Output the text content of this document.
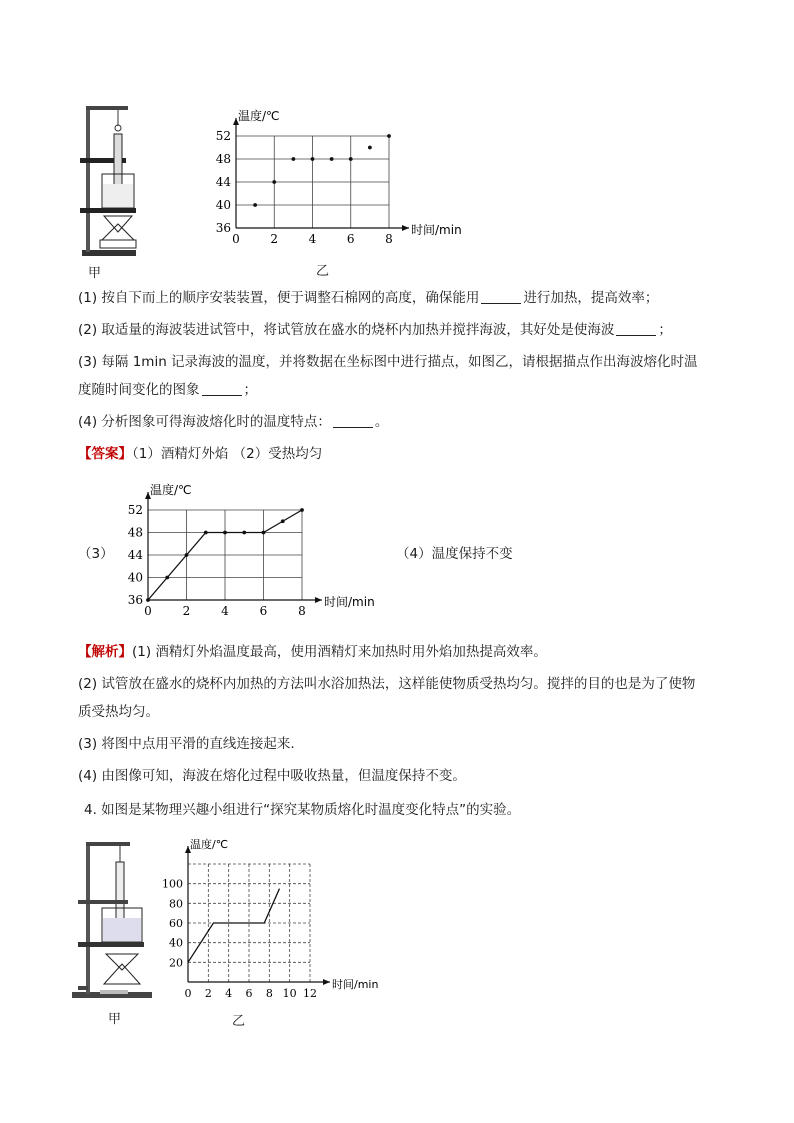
甲
0	2	4	6	8
36
40
44
48
52
温度/℃
时间/min
乙
(1) 按自下而上的顺序安装装置，便于调整石棉网的高度，确保能用	进行加热，提高效率；
(2) 取适量的海波装进试管中，将试管放在盛水的烧杯内加热并搅拌海波，其好处是使海波	；
(3) 每隔 1min 记录海波的温度，并将数据在坐标图中进行描点，如图乙，请根据描点作出海波熔化时温
度随时间变化的图象	；
(4) 分析图象可得海波熔化时的温度特点：	。
【答案】（1）酒精灯外焰 （2）受热均匀
（3）
0	2	4	6	8
36
40
44
48
52
温度/℃
时间/min
（4）温度保持不变
【解析】(1) 酒精灯外焰温度最高，使用酒精灯来加热时用外焰加热提高效率。
(2) 试管放在盛水的烧杯内加热的方法叫水浴加热法，这样能使物质受热均匀。搅拌的目的也是为了使物
质受热均匀。
(3) 将图中点用平滑的直线连接起来.
(4) 由图像可知，海波在熔化过程中吸收热量，但温度保持不变。
4. 如图是某物理兴趣小组进行“探究某物质熔化时温度变化特点”的实验。
甲
0 2 4 6 8 10 12
20
40
60
80
100
温度/℃
时间/min
乙
